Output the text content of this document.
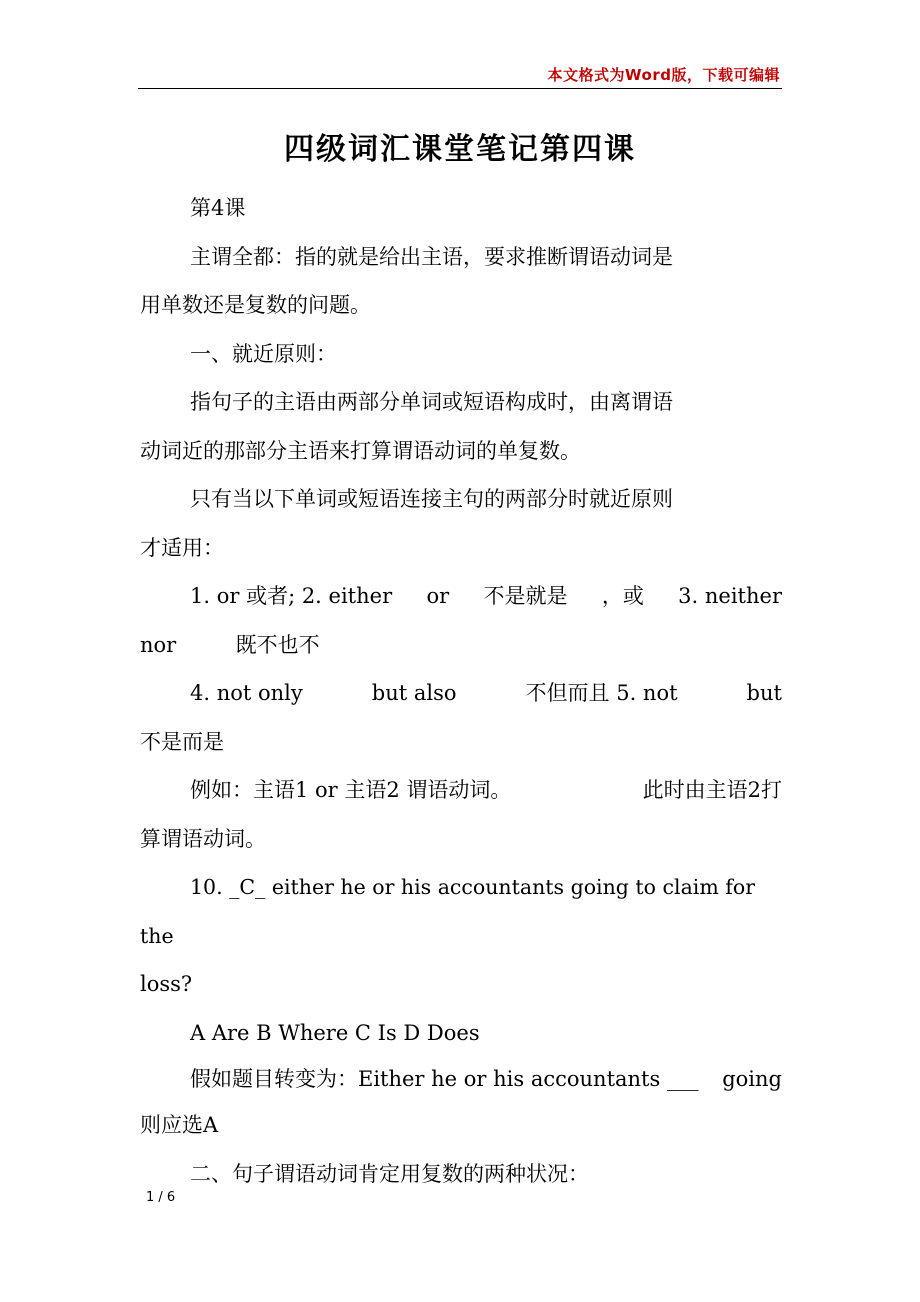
本文格式为Word版，下载可编辑
四级词汇课堂笔记第四课

第4课

主谓全都：指的就是给出主语，要求推断谓语动词是

用单数还是复数的问题。

一、就近原则：

指句子的主语由两部分单词或短语构成时，由离谓语

动词近的那部分主语来打算谓语动词的单复数。

只有当以下单词或短语连接主句的两部分时就近原则

才适用：

1. or 或者; 2. either or 不是就是 ，或 3. neither
nor	既不也不
4. not only	but also	不但而且 5. not	but

不是而是

例如：主语1 or 主语2 谓语动词。	此时由主语2打

算谓语动词。

10. _C_ either he or his accountants going to claim for the

loss?

A Are B Where C Is D Does

假如题目转变为：Either he or his accountants ___ going

则应选A

二、句子谓语动词肯定用复数的两种状况：

1 / 6
